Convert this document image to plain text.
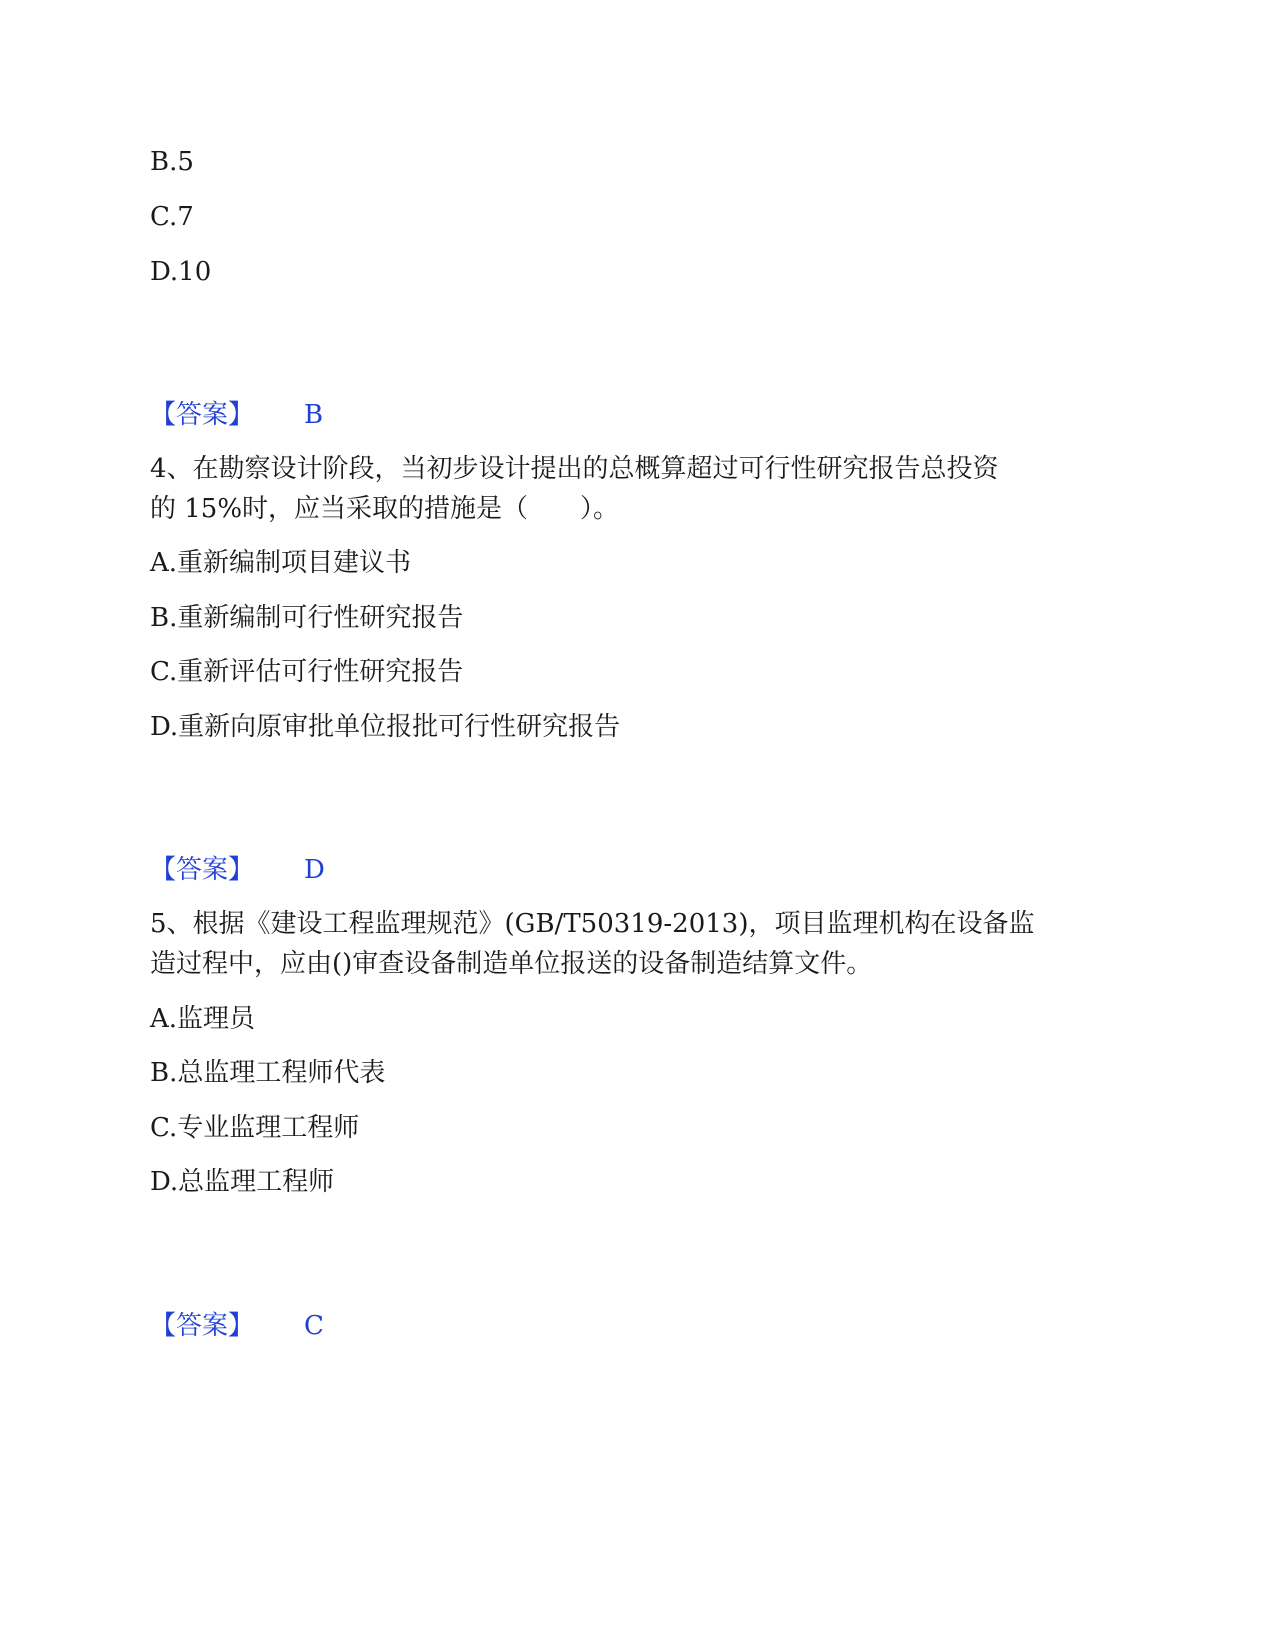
B.5
C.7
D.10
【答案】 B
4、在勘察设计阶段，当初步设计提出的总概算超过可行性研究报告总投资
的 15%时，应当采取的措施是（　　）。
A.重新编制项目建议书
B.重新编制可行性研究报告
C.重新评估可行性研究报告
D.重新向原审批单位报批可行性研究报告
【答案】 D
5、根据《建设工程监理规范》(GB/T50319-2013)，项目监理机构在设备监
造过程中，应由()审查设备制造单位报送的设备制造结算文件。
A.监理员
B.总监理工程师代表
C.专业监理工程师
D.总监理工程师
【答案】 C
